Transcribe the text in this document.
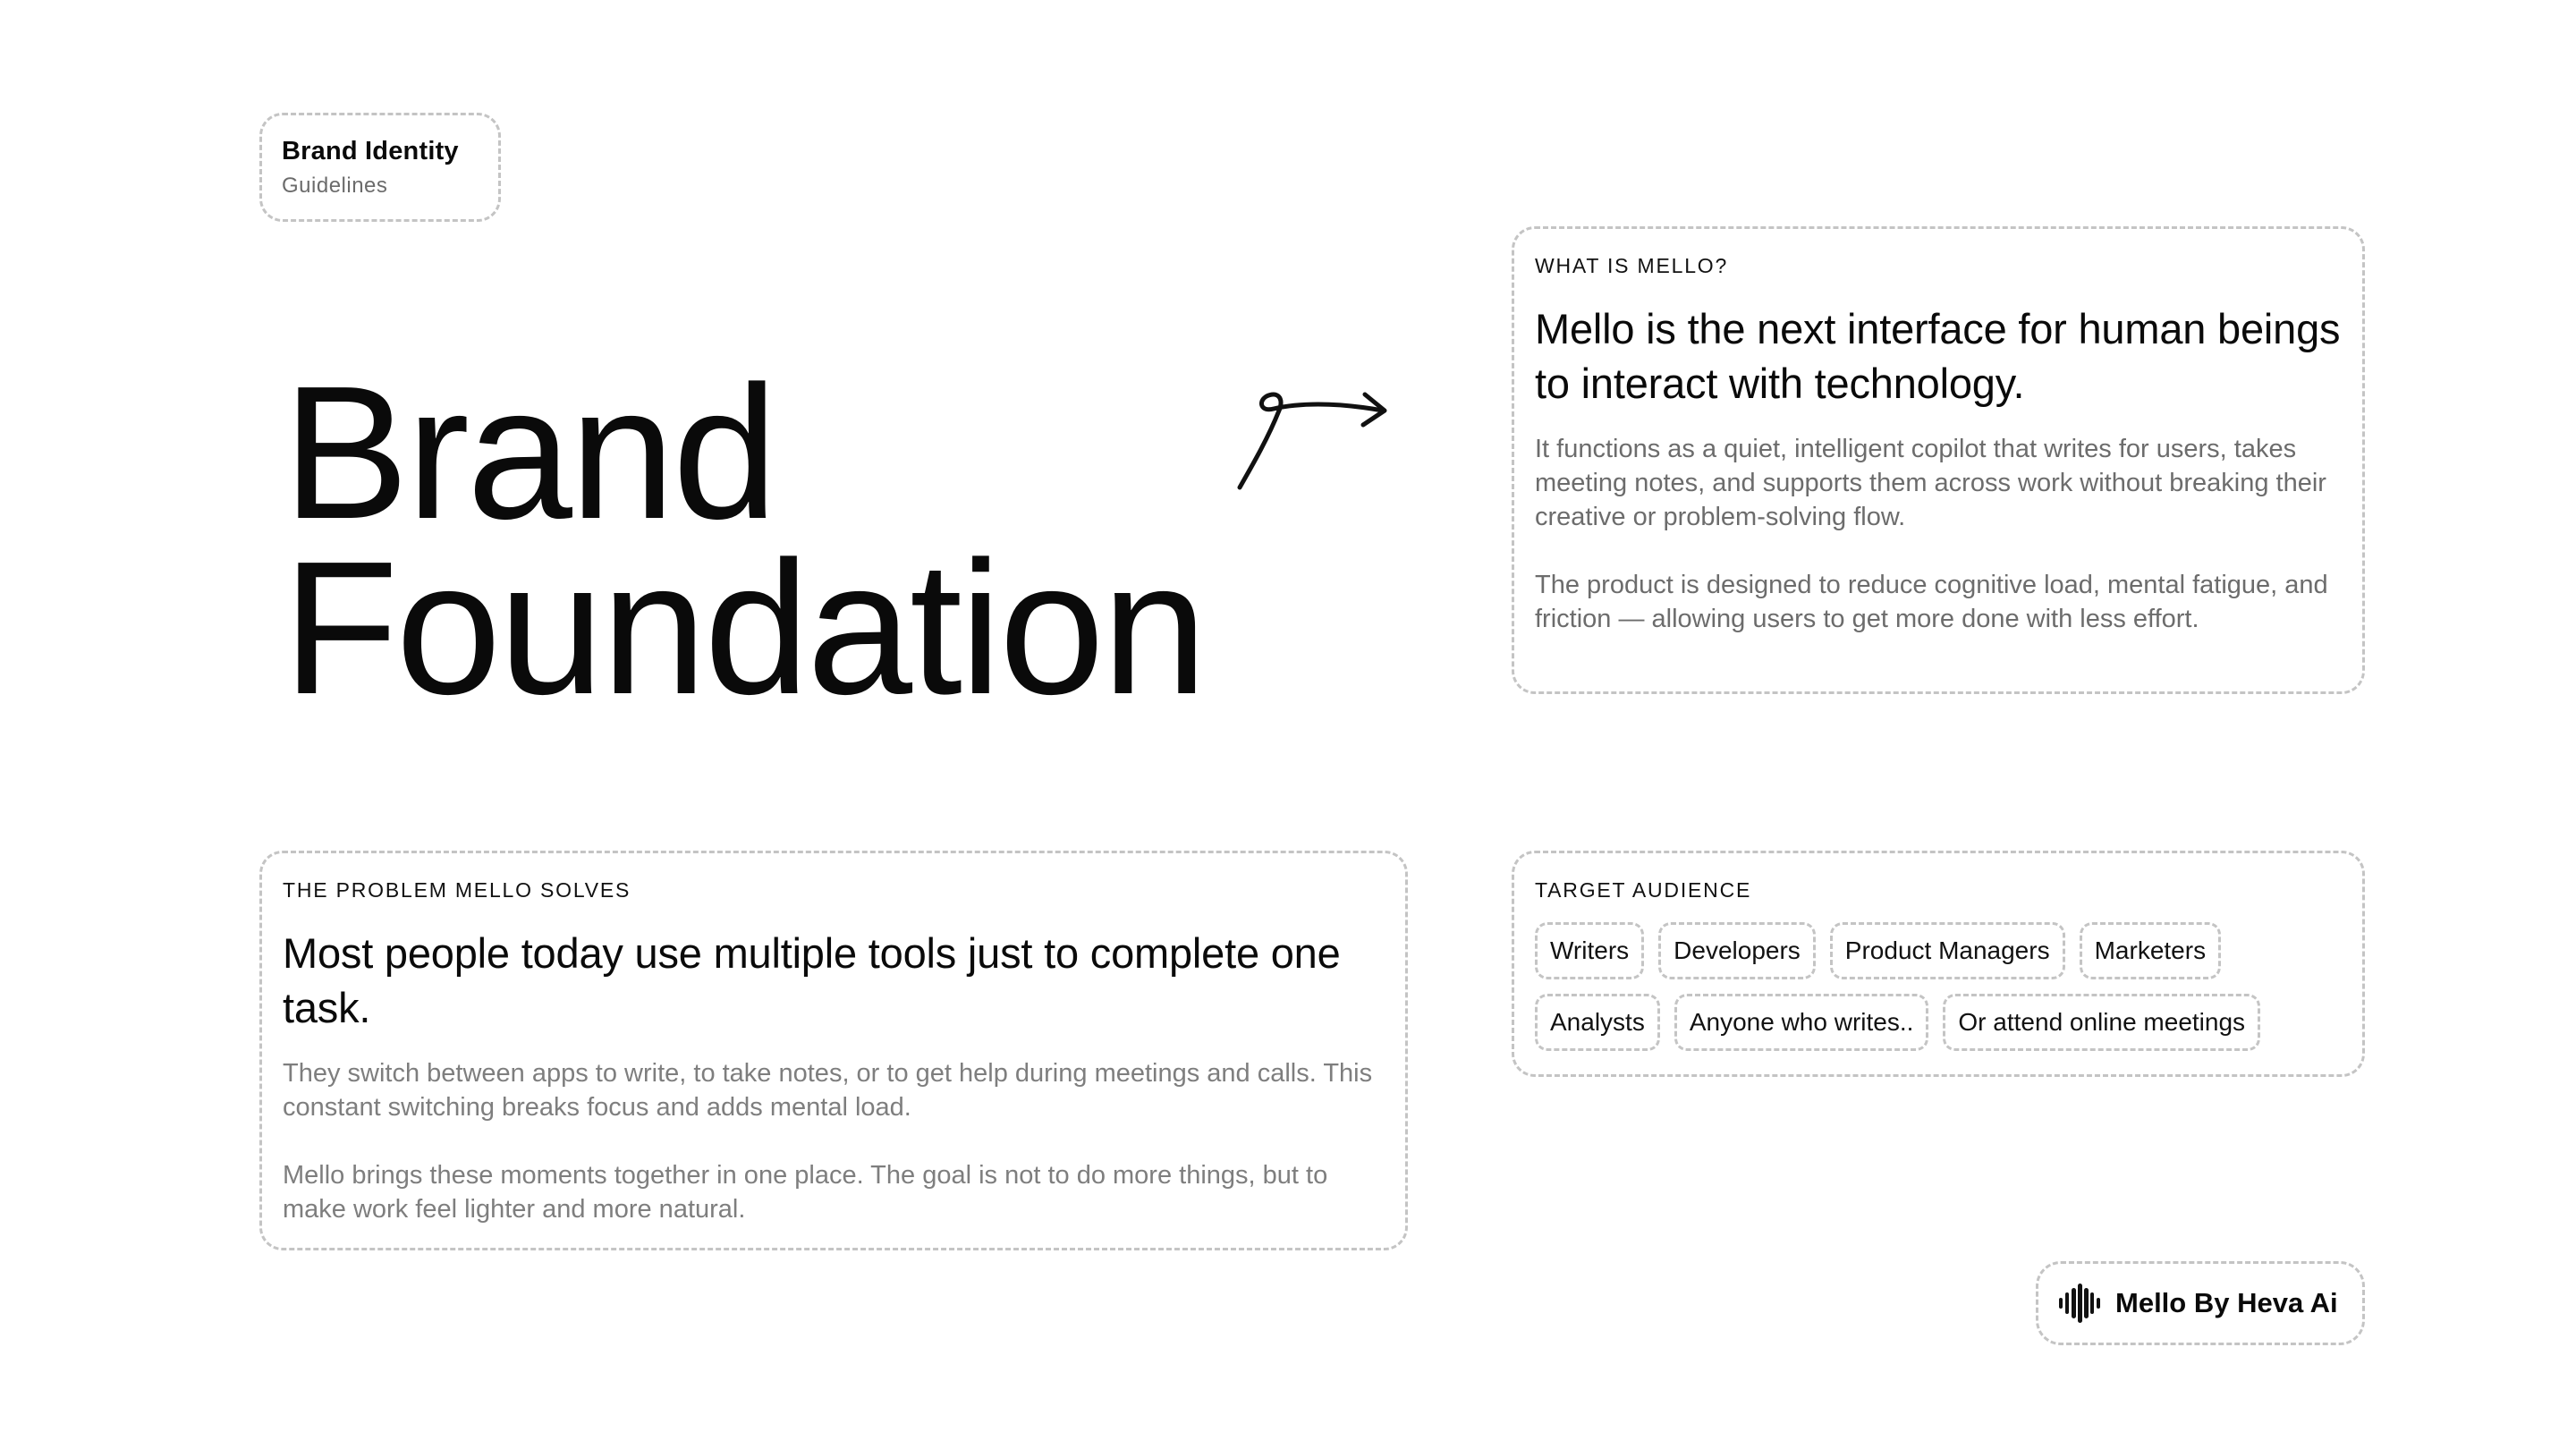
Brand Identity
Guidelines
Brand
Foundation
WHAT IS MELLO?
Mello is the next interface for human beings to interact with technology.

It functions as a quiet, intelligent copilot that writes for users, takes meeting notes, and supports them across work without breaking their creative or problem-solving flow.

The product is designed to reduce cognitive load, mental fatigue, and friction — allowing users to get more done with less effort.

THE PROBLEM MELLO SOLVES
Most people today use multiple tools just to complete one task.

They switch between apps to write, to take notes, or to get help during meetings and calls. This constant switching breaks focus and adds mental load.

Mello brings these moments together in one place. The goal is not to do more things, but to make work feel lighter and more natural.

TARGET AUDIENCE
Writers	Developers	Product Managers	Marketers
Analysts	Anyone who writes..	Or attend online meetings
Mello By Heva Ai
